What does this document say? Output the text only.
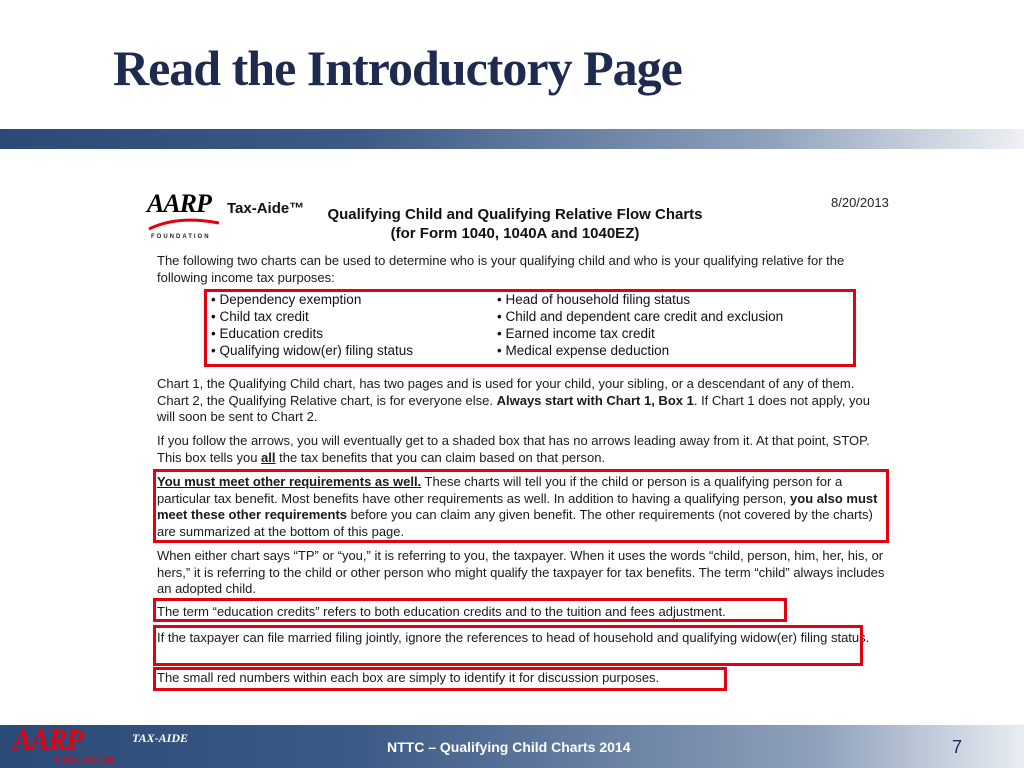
Read the Introductory Page
AARP
FOUNDATION
Tax-Aide™	8/20/2013
Qualifying Child and Qualifying Relative Flow Charts
(for Form 1040, 1040A and 1040EZ)
The following two charts can be used to determine who is your qualifying child and who is your qualifying relative for the following income tax purposes:
• Dependency exemption
• Child tax credit
• Education credits
• Qualifying widow(er) filing status
• Head of household filing status
• Child and dependent care credit and exclusion
• Earned income tax credit
• Medical expense deduction
Chart 1, the Qualifying Child chart, has two pages and is used for your child, your sibling, or a descendant of any of them. Chart 2, the Qualifying Relative chart, is for everyone else. Always start with Chart 1, Box 1. If Chart 1 does not apply, you will soon be sent to Chart 2.
If you follow the arrows, you will eventually get to a shaded box that has no arrows leading away from it. At that point, STOP. This box tells you all the tax benefits that you can claim based on that person.
You must meet other requirements as well. These charts will tell you if the child or person is a qualifying person for a particular tax benefit. Most benefits have other requirements as well. In addition to having a qualifying person, you also must meet these other requirements before you can claim any given benefit. The other requirements (not covered by the charts) are summarized at the bottom of this page.
When either chart says “TP” or “you,” it is referring to you, the taxpayer. When it uses the words “child, person, him, her, his, or hers,” it is referring to the child or other person who might qualify the taxpayer for tax benefits. The term “child” always includes an adopted child.
The term “education credits” refers to both education credits and to the tuition and fees adjustment.
If the taxpayer can file married filing jointly, ignore the references to head of household and qualifying widow(er) filing status.
The small red numbers within each box are simply to identify it for discussion purposes.
AARP
FOUNDATION
TAX-AIDE
NTTC – Qualifying Child Charts 2014	7
